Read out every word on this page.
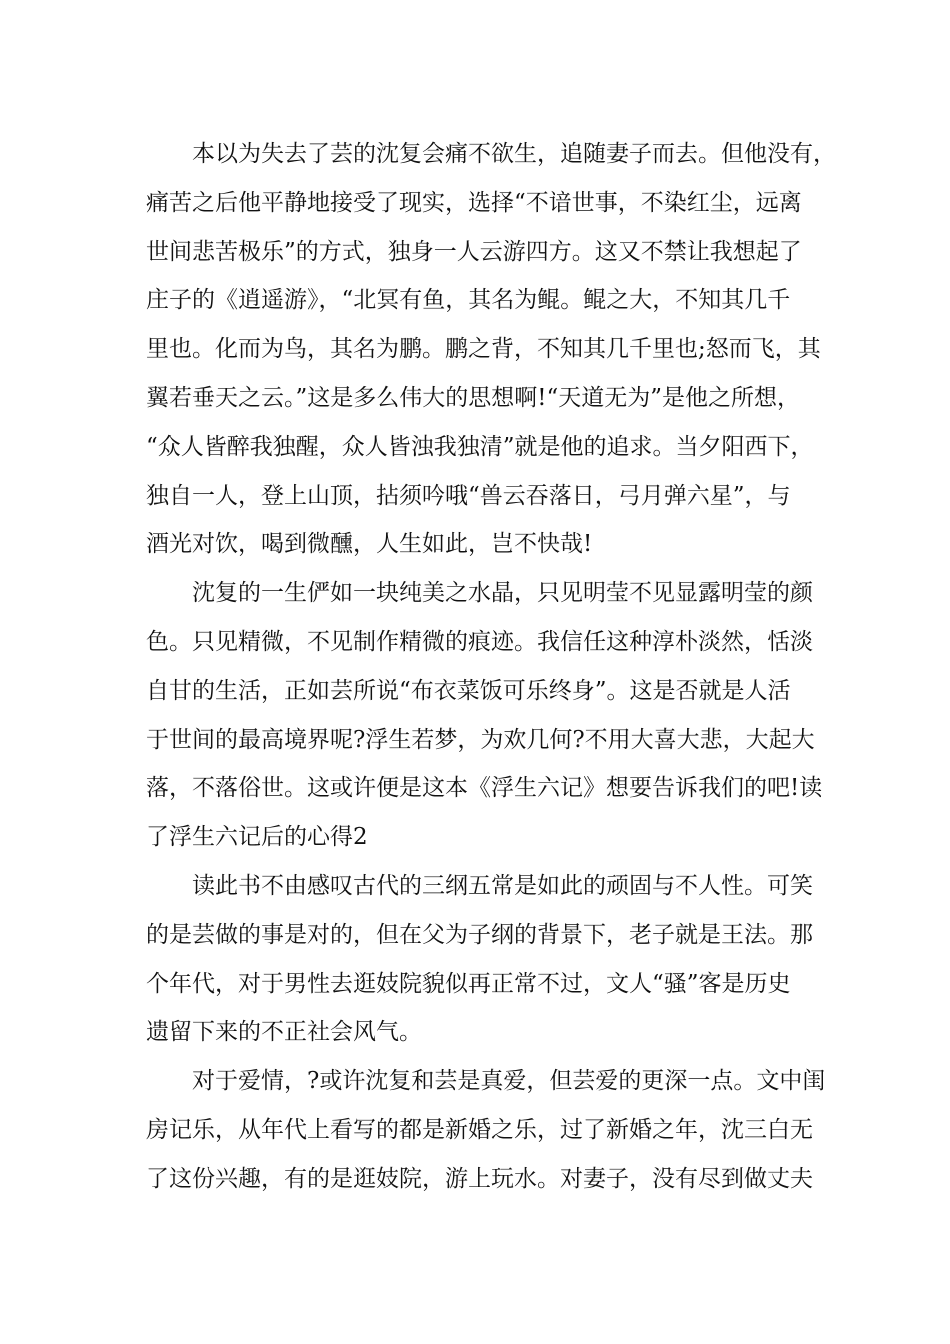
本以为失去了芸的沈复会痛不欲生，追随妻子而去。但他没有，
痛苦之后他平静地接受了现实，选择“不谙世事，不染红尘，远离
世间悲苦极乐”的方式，独身一人云游四方。这又不禁让我想起了
庄子的《逍遥游》，“北冥有鱼，其名为鲲。鲲之大，不知其几千
里也。化而为鸟，其名为鹏。鹏之背，不知其几千里也;怒而飞，其
翼若垂天之云。”这是多么伟大的思想啊!“天道无为”是他之所想，
“众人皆醉我独醒，众人皆浊我独清”就是他的追求。当夕阳西下，
独自一人，登上山顶，拈须吟哦“兽云吞落日，弓月弹六星”，与
酒光对饮，喝到微醺，人生如此，岂不快哉!
沈复的一生俨如一块纯美之水晶，只见明莹不见显露明莹的颜
色。只见精微，不见制作精微的痕迹。我信任这种淳朴淡然，恬淡
自甘的生活，正如芸所说“布衣菜饭可乐终身”。这是否就是人活
于世间的最高境界呢?浮生若梦，为欢几何?不用大喜大悲，大起大
落，不落俗世。这或许便是这本《浮生六记》想要告诉我们的吧!读
了浮生六记后的心得2
读此书不由感叹古代的三纲五常是如此的顽固与不人性。可笑
的是芸做的事是对的，但在父为子纲的背景下，老子就是王法。那
个年代，对于男性去逛妓院貌似再正常不过，文人“骚”客是历史
遗留下来的不正社会风气。
对于爱情，?或许沈复和芸是真爱，但芸爱的更深一点。文中闺
房记乐，从年代上看写的都是新婚之乐，过了新婚之年，沈三白无
了这份兴趣，有的是逛妓院，游上玩水。对妻子，没有尽到做丈夫
